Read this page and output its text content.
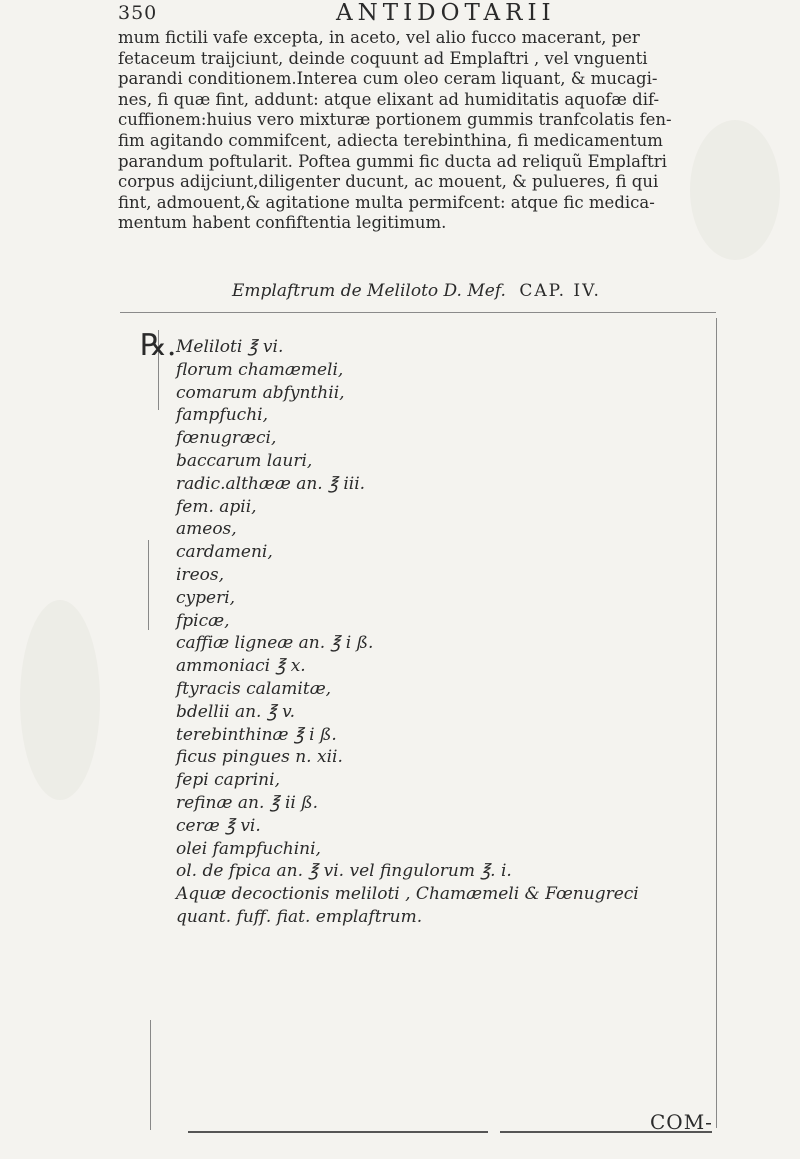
350	ANTIDOTARII
mum fictili vafe excepta, in aceto, vel alio fucco macerant, per
fetaceum traijciunt, deinde coquunt ad Emplaftri , vel vnguenti
parandi conditionem.Interea cum oleo ceram liquant, & mucagi-
nes, fi quæ fint, addunt: atque elixant ad humiditatis aquofæ dif-
cuffionem:huius vero mixturæ portionem gummis tranfcolatis fen-
fim agitando commifcent, adiecta terebinthina, fi medicamentum
parandum poftularit. Poftea gummi fic ducta ad reliquũ Emplaftri
corpus adijciunt,diligenter ducunt, ac mouent, & pulueres, fi qui
fint, admouent,& agitatione multa permifcent: atque fic medica-
mentum habent confiftentia legitimum.
Emplaftrum de Meliloto D. Mef. CAP. IV.
℞. Meliloti ℥ vi.
florum chamæmeli,
comarum abfynthii,
fampfuchi,
fœnugræci,
baccarum lauri,
radic.althææ an. ℥ iii.
fem. apii,
ameos,
cardameni,
ireos,
cyperi,
fpicæ,
caffiæ ligneæ an. ℥ i ß.
ammoniaci ℥ x.
ftyracis calamitæ,
bdellii an. ℥ v.
terebinthinæ ℥ i ß.
ficus pingues n. xii.
fepi caprini,
refinæ an. ℥ ii ß.
ceræ ℥ vi.
olei fampfuchini,
ol. de fpica an. ℥ vi. vel fingulorum ℥. i.
Aquæ decoctionis meliloti , Chamæmeli & Fœnugreci
quant. fuff. fiat. emplaftrum.
COM-
